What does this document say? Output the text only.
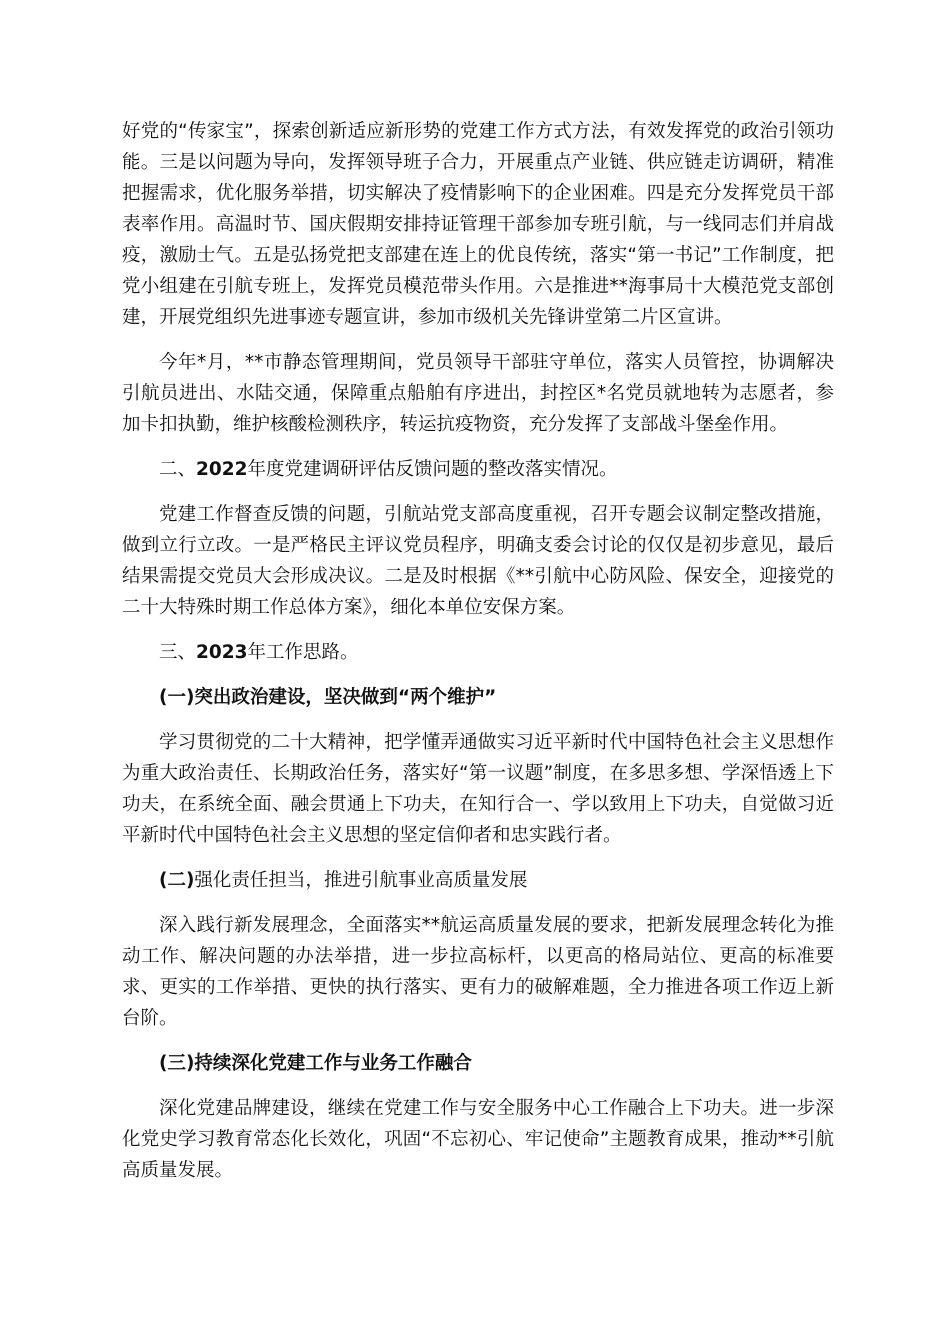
好党的“传家宝”，探索创新适应新形势的党建工作方式方法，有效发挥党的政治引领功能。三是以问题为导向，发挥领导班子合力，开展重点产业链、供应链走访调研，精准把握需求，优化服务举措，切实解决了疫情影响下的企业困难。四是充分发挥党员干部表率作用。高温时节、国庆假期安排持证管理干部参加专班引航，与一线同志们并肩战疫，激励士气。五是弘扬党把支部建在连上的优良传统，落实“第一书记”工作制度，把党小组建在引航专班上，发挥党员模范带头作用。六是推进**海事局十大模范党支部创建，开展党组织先进事迹专题宣讲，参加市级机关先锋讲堂第二片区宣讲。

今年*月，**市静态管理期间，党员领导干部驻守单位，落实人员管控，协调解决引航员进出、水陆交通，保障重点船舶有序进出，封控区*名党员就地转为志愿者，参加卡扣执勤，维护核酸检测秩序，转运抗疫物资，充分发挥了支部战斗堡垒作用。

二、2022年度党建调研评估反馈问题的整改落实情况。

党建工作督查反馈的问题，引航站党支部高度重视，召开专题会议制定整改措施，做到立行立改。一是严格民主评议党员程序，明确支委会讨论的仅仅是初步意见，最后结果需提交党员大会形成决议。二是及时根据《**引航中心防风险、保安全，迎接党的二十大特殊时期工作总体方案》，细化本单位安保方案。

三、2023年工作思路。

(一)突出政治建设，坚决做到“两个维护”

学习贯彻党的二十大精神，把学懂弄通做实习近平新时代中国特色社会主义思想作为重大政治责任、长期政治任务，落实好“第一议题”制度，在多思多想、学深悟透上下功夫，在系统全面、融会贯通上下功夫，在知行合一、学以致用上下功夫，自觉做习近平新时代中国特色社会主义思想的坚定信仰者和忠实践行者。

(二)强化责任担当，推进引航事业高质量发展

深入践行新发展理念，全面落实**航运高质量发展的要求，把新发展理念转化为推动工作、解决问题的办法举措，进一步拉高标杆，以更高的格局站位、更高的标准要求、更实的工作举措、更快的执行落实、更有力的破解难题，全力推进各项工作迈上新台阶。

(三)持续深化党建工作与业务工作融合

深化党建品牌建设，继续在党建工作与安全服务中心工作融合上下功夫。进一步深化党史学习教育常态化长效化，巩固“不忘初心、牢记使命”主题教育成果，推动**引航高质量发展。
